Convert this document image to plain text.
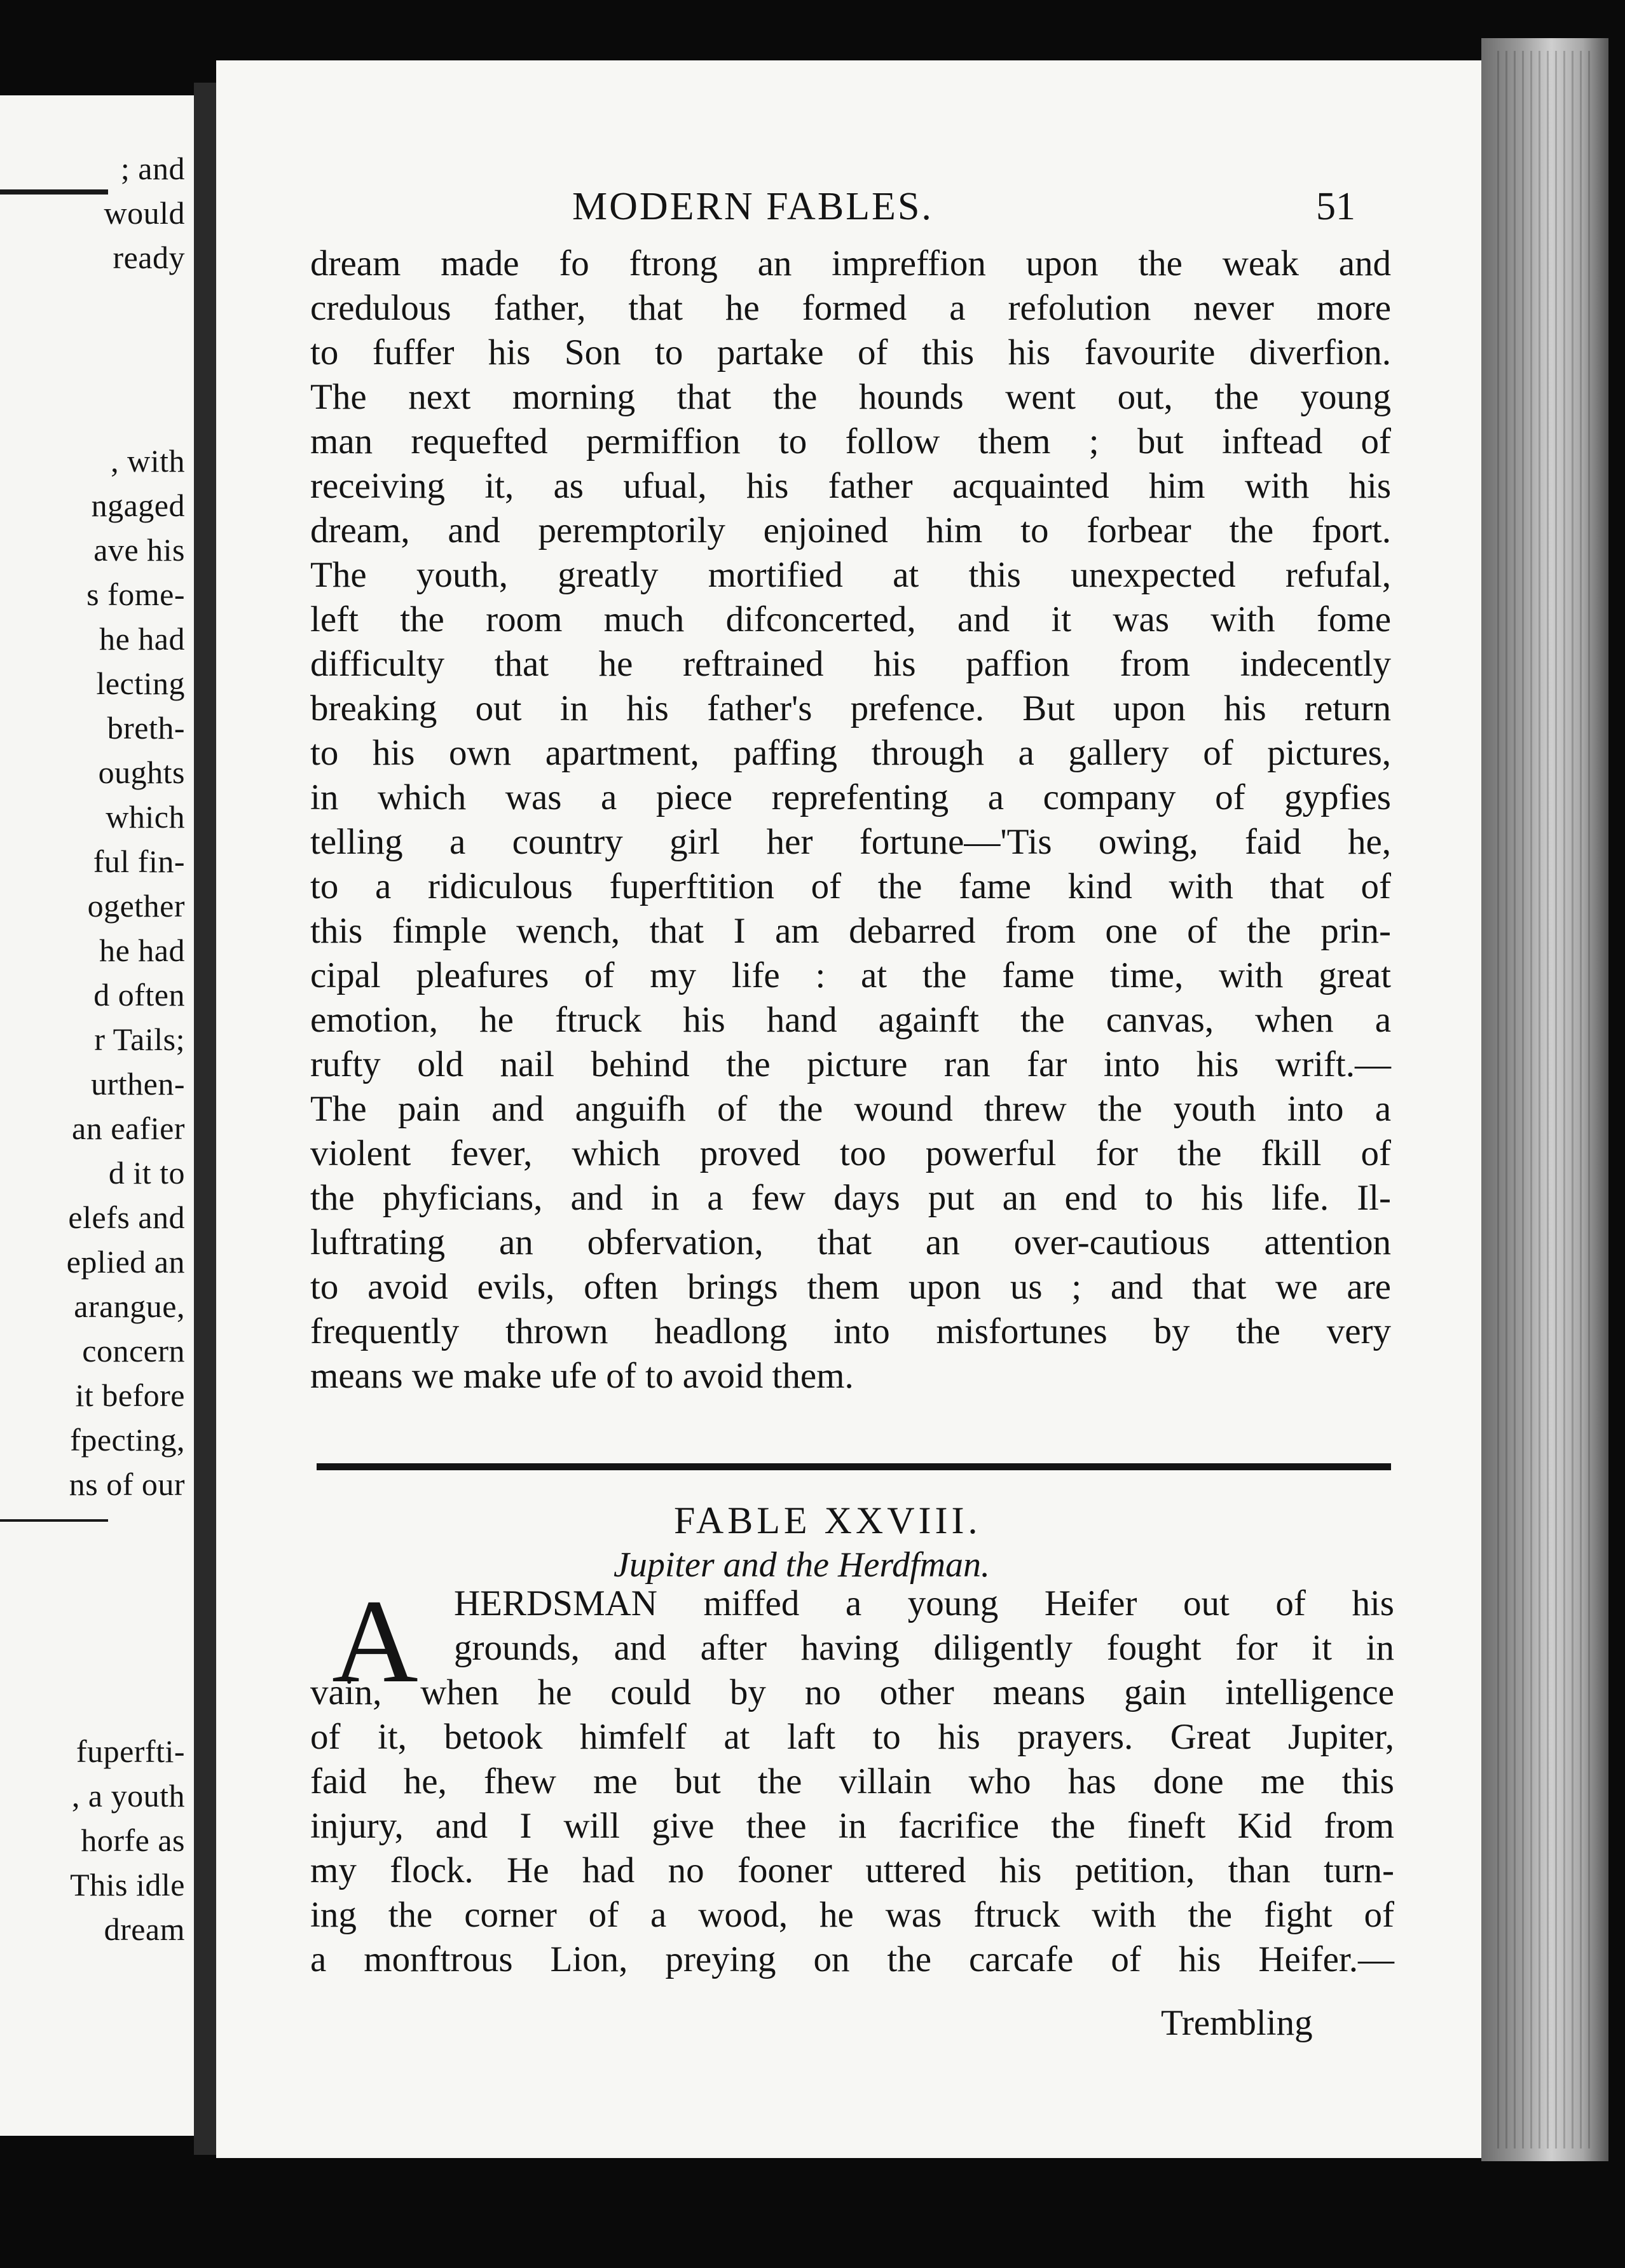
; and
would
ready
, with
ngaged
ave his
s fome-
he had
lecting
breth-
oughts
which
ful fin-
ogether
he had
d often
r Tails;
urthen-
an eafier
d it to
elefs and
eplied an
arangue,
concern
it before
fpecting,
ns of our
fuperfti-
, a youth
horfe as
This idle
dream
MODERN FABLES.	51
dream made fo ftrong an impreffion upon the weak and
credulous father, that he formed a refolution never more
to fuffer his Son to partake of this his favourite diverfion.
The next morning that the hounds went out, the young
man requefted permiffion to follow them ; but inftead of
receiving it, as ufual, his father acquainted him with his
dream, and peremptorily enjoined him to forbear the fport.
The youth, greatly mortified at this unexpected refufal,
left the room much difconcerted, and it was with fome
difficulty that he reftrained his paffion from indecently
breaking out in his father's prefence. But upon his return
to his own apartment, paffing through a gallery of pictures,
in which was a piece reprefenting a company of gypfies
telling a country girl her fortune—'Tis owing, faid he,
to a ridiculous fuperftition of the fame kind with that of
this fimple wench, that I am debarred from one of the prin-
cipal pleafures of my life : at the fame time, with great
emotion, he ftruck his hand againft the canvas, when a
rufty old nail behind the picture ran far into his wrift.—
The pain and anguifh of the wound threw the youth into a
violent fever, which proved too powerful for the fkill of
the phyficians, and in a few days put an end to his life. Il-
luftrating an obfervation, that an over-cautious attention
to avoid evils, often brings them upon us ; and that we are
frequently thrown headlong into misfortunes by the very
means we make ufe of to avoid them.
FABLE XXVIII.
Jupiter and the Herdfman.
A HERDSMAN miffed a young Heifer out of his
grounds, and after having diligently fought for it in
vain, when he could by no other means gain intelligence
of it, betook himfelf at laft to his prayers. Great Jupiter,
faid he, fhew me but the villain who has done me this
injury, and I will give thee in facrifice the fineft Kid from
my flock. He had no fooner uttered his petition, than turn-
ing the corner of a wood, he was ftruck with the fight of
a monftrous Lion, preying on the carcafe of his Heifer.—
Trembling
